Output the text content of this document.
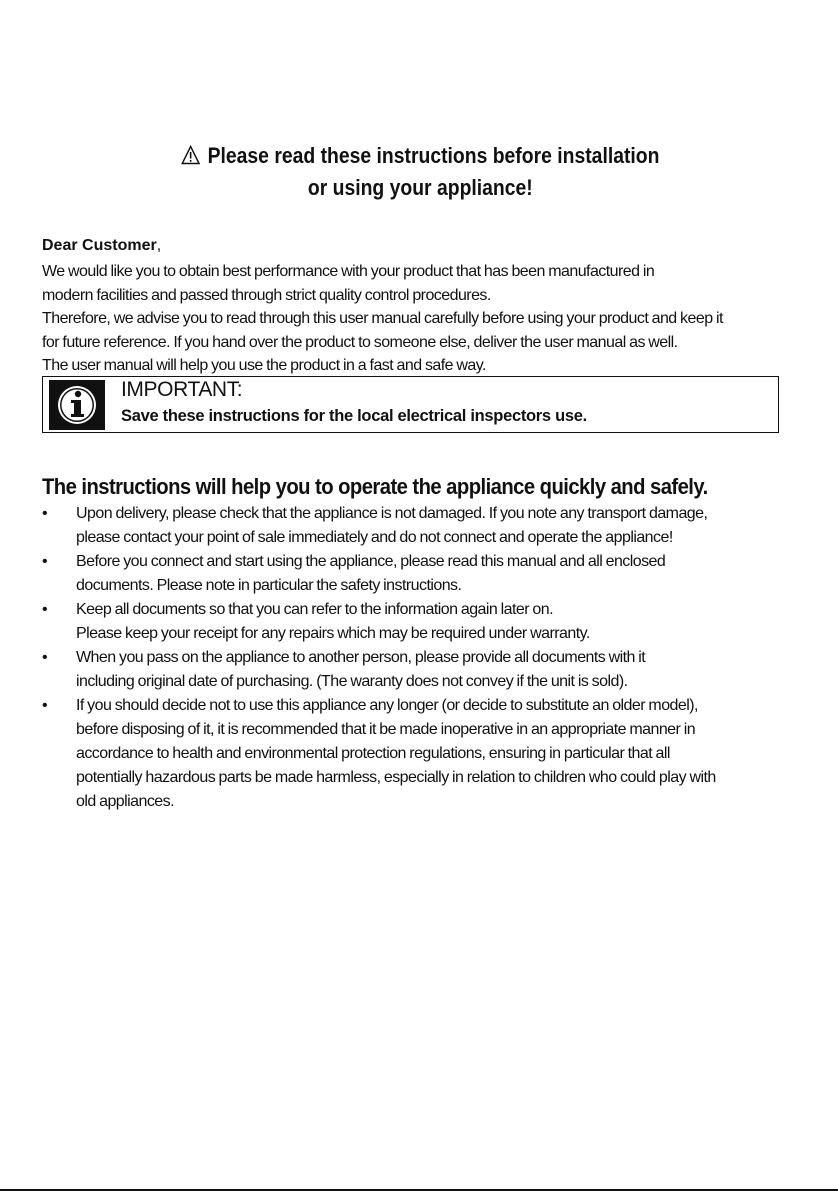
Please read these instructions before installation
or using your appliance!
Dear Customer,

We would like you to obtain best performance with your product that has been manufactured in

modern facilities and passed through strict quality control procedures.

Therefore, we advise you to read through this user manual carefully before using your product and keep it

for future reference. If you hand over the product to someone else, deliver the user manual as well.

The user manual will help you use the product in a fast and safe way.

IMPORTANT:
Save these instructions for the local electrical inspectors use.
The instructions will help you to operate the appliance quickly and safely.
• Upon delivery, please check that the appliance is not damaged. If you note any transport damage,
please contact your point of sale immediately and do not connect and operate the appliance!
• Before you connect and start using the appliance, please read this manual and all enclosed
documents. Please note in particular the safety instructions.
• Keep all documents so that you can refer to the information again later on.
Please keep your receipt for any repairs which may be required under warranty.
• When you pass on the appliance to another person, please provide all documents with it
including original date of purchasing. (The waranty does not convey if the unit is sold).
• If you should decide not to use this appliance any longer (or decide to substitute an older model),
before disposing of it, it is recommended that it be made inoperative in an appropriate manner in
accordance to health and environmental protection regulations, ensuring in particular that all
potentially hazardous parts be made harmless, especially in relation to children who could play with
old appliances.
